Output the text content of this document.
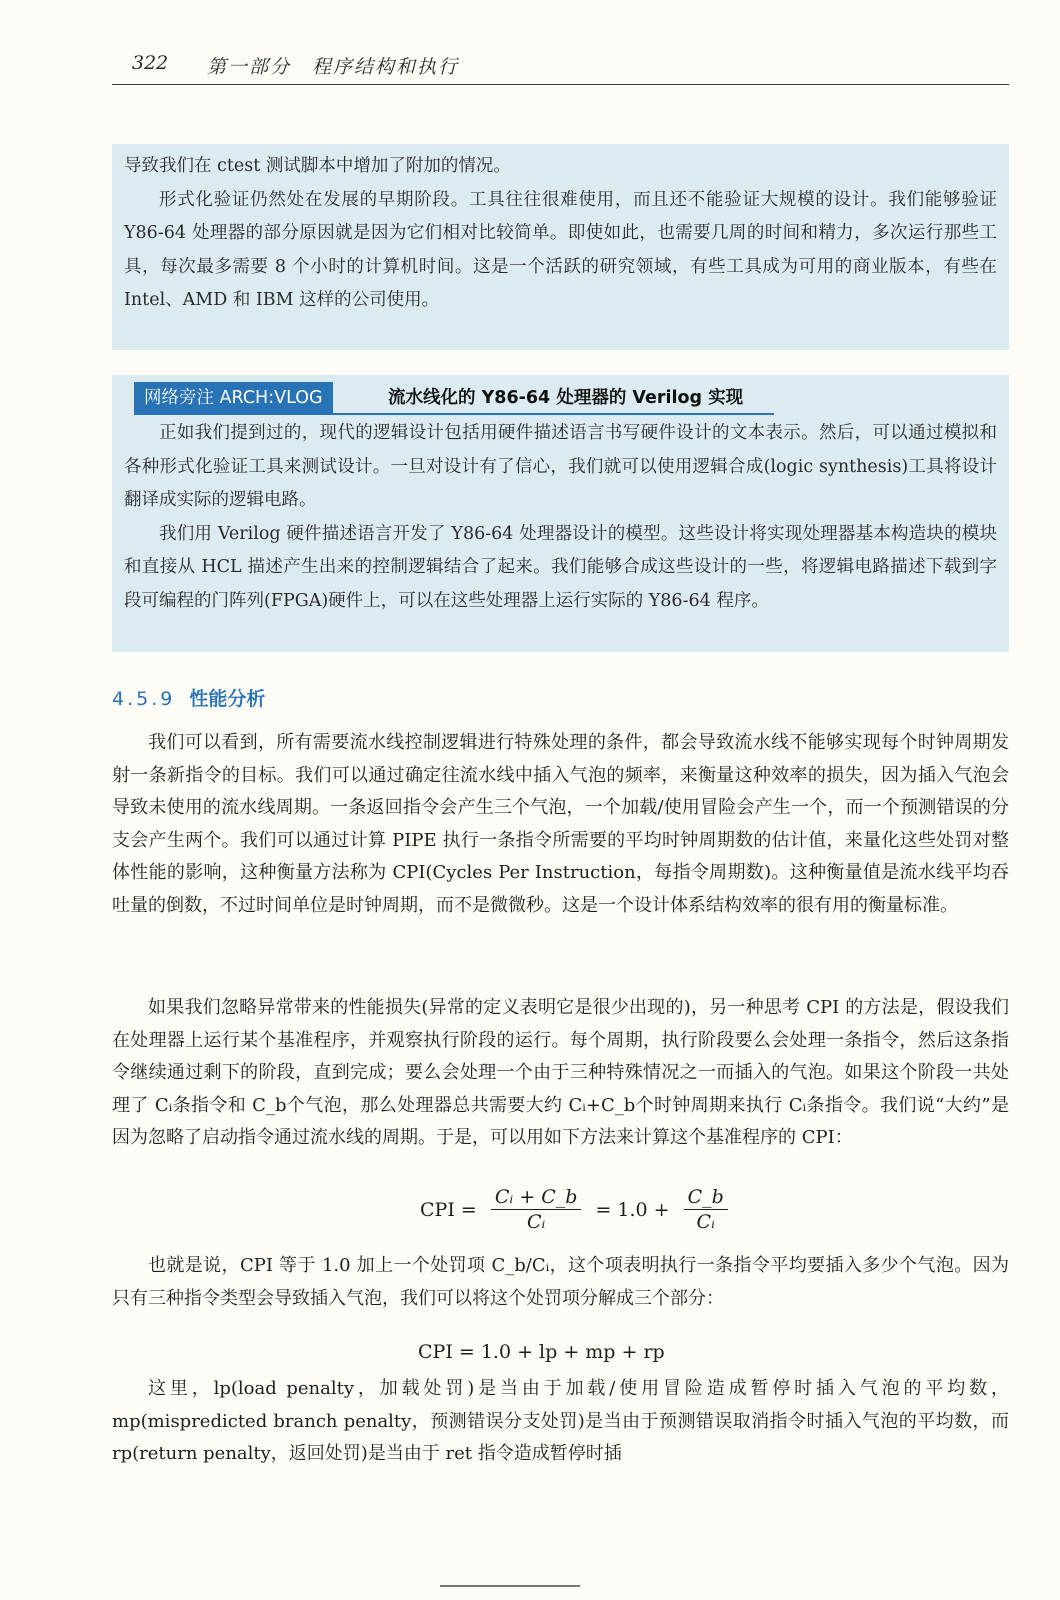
322 第一部分　程序结构和执行

导致我们在 ctest 测试脚本中增加了附加的情况。

形式化验证仍然处在发展的早期阶段。工具往往很难使用，而且还不能验证大规模的设计。我们能够验证 Y86-64 处理器的部分原因就是因为它们相对比较简单。即使如此，也需要几周的时间和精力，多次运行那些工具，每次最多需要 8 个小时的计算机时间。这是一个活跃的研究领域，有些工具成为可用的商业版本，有些在 Intel、AMD 和 IBM 这样的公司使用。

网络旁注 ARCH:VLOG	流水线化的 Y86-64 处理器的 Verilog 实现

正如我们提到过的，现代的逻辑设计包括用硬件描述语言书写硬件设计的文本表示。然后，可以通过模拟和各种形式化验证工具来测试设计。一旦对设计有了信心，我们就可以使用逻辑合成(logic synthesis)工具将设计翻译成实际的逻辑电路。

我们用 Verilog 硬件描述语言开发了 Y86-64 处理器设计的模型。这些设计将实现处理器基本构造块的模块和直接从 HCL 描述产生出来的控制逻辑结合了起来。我们能够合成这些设计的一些，将逻辑电路描述下载到字段可编程的门阵列(FPGA)硬件上，可以在这些处理器上运行实际的 Y86-64 程序。

4.5.9 性能分析

我们可以看到，所有需要流水线控制逻辑进行特殊处理的条件，都会导致流水线不能够实现每个时钟周期发射一条新指令的目标。我们可以通过确定往流水线中插入气泡的频率，来衡量这种效率的损失，因为插入气泡会导致未使用的流水线周期。一条返回指令会产生三个气泡，一个加载/使用冒险会产生一个，而一个预测错误的分支会产生两个。我们可以通过计算 PIPE 执行一条指令所需要的平均时钟周期数的估计值，来量化这些处罚对整体性能的影响，这种衡量方法称为 CPI(Cycles Per Instruction，每指令周期数)。这种衡量值是流水线平均吞吐量的倒数，不过时间单位是时钟周期，而不是微微秒。这是一个设计体系结构效率的很有用的衡量标准。

如果我们忽略异常带来的性能损失(异常的定义表明它是很少出现的)，另一种思考 CPI 的方法是，假设我们在处理器上运行某个基准程序，并观察执行阶段的运行。每个周期，执行阶段要么会处理一条指令，然后这条指令继续通过剩下的阶段，直到完成；要么会处理一个由于三种特殊情况之一而插入的气泡。如果这个阶段一共处理了 Cᵢ条指令和 C_b个气泡，那么处理器总共需要大约 Cᵢ+C_b个时钟周期来执行 Cᵢ条指令。我们说“大约”是因为忽略了启动指令通过流水线的周期。于是，可以用如下方法来计算这个基准程序的 CPI：

CPI = $\frac{\text{Cᵢ + C\_b}}{\text{Cᵢ}} = 1.0 + \frac{C\_b}{\text{Cᵢ}}$

也就是说，CPI 等于 1.0 加上一个处罚项 C_b/Cᵢ，这个项表明执行一条指令平均要插入多少个气泡。因为只有三种指令类型会导致插入气泡，我们可以将这个处罚项分解成三个部分：

CPI = 1.0 + lp + mp + rp

这里，lp(load penalty，加载处罚)是当由于加载/使用冒险造成暂停时插入气泡的平均数，mp(mispredicted branch penalty，预测错误分支处罚)是当由于预测错误取消指令时插入气泡的平均数，而 rp(return penalty，返回处罚)是当由于 ret 指令造成暂停时插
